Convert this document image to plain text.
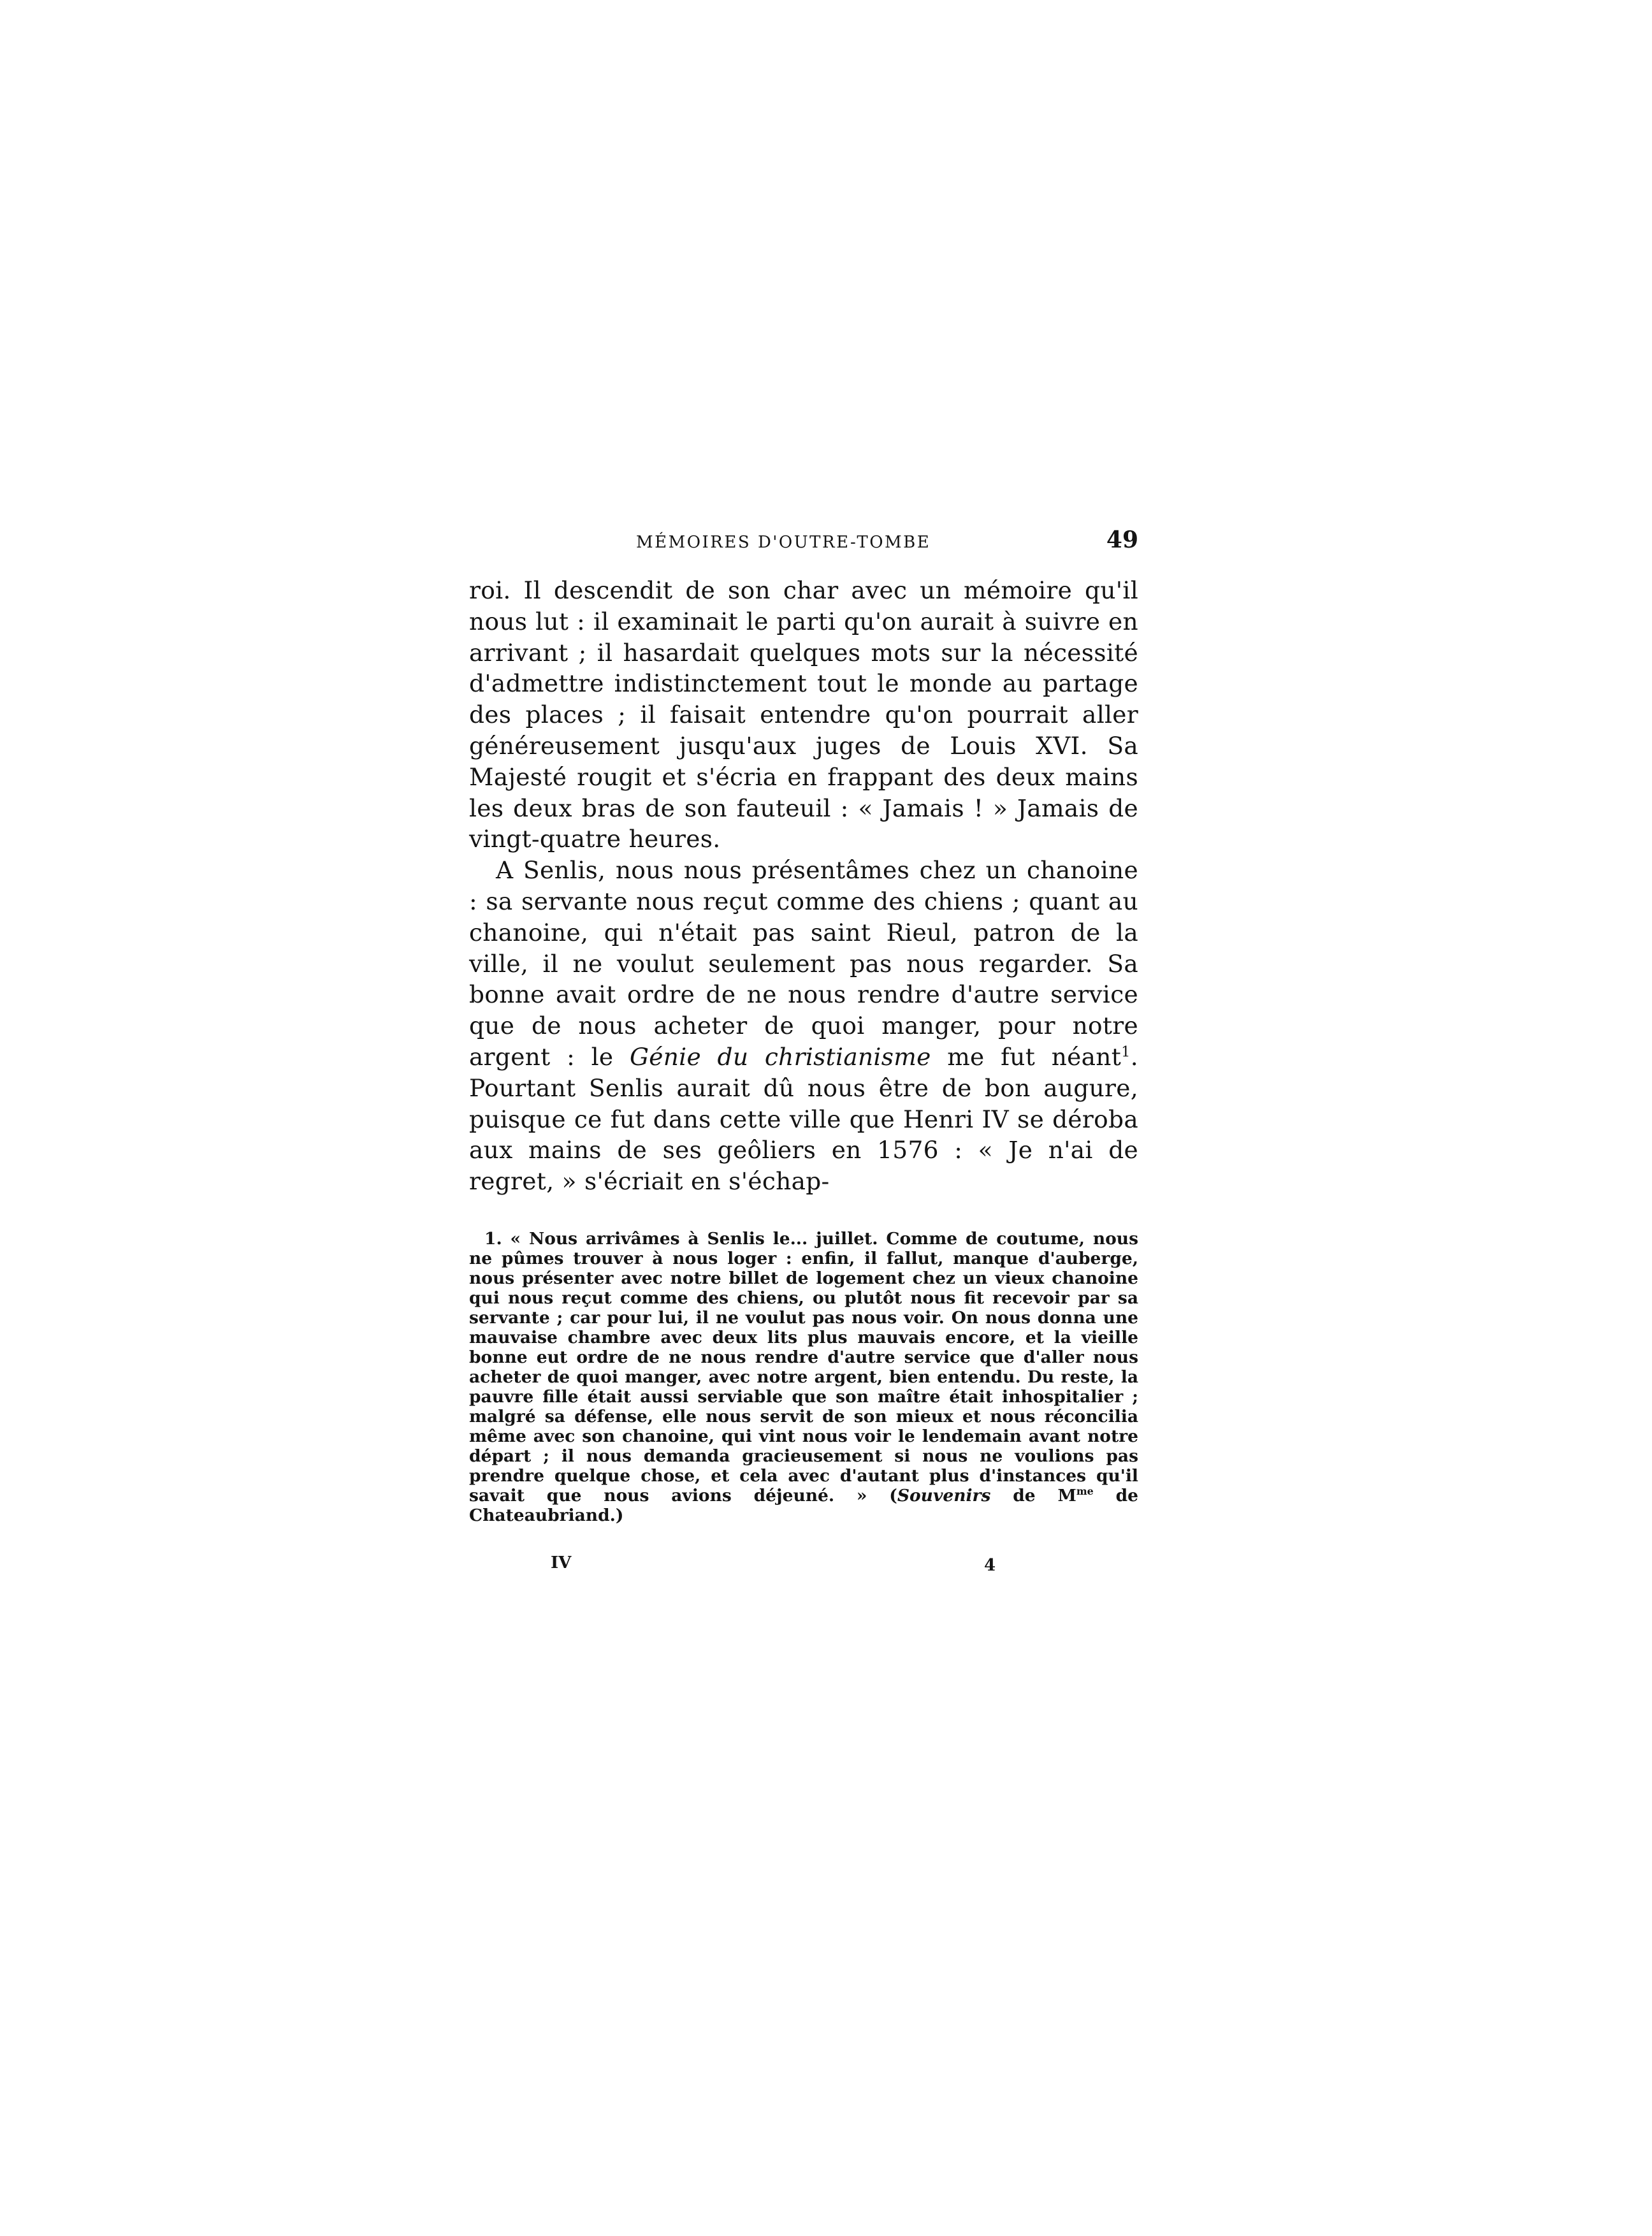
MÉMOIRES D'OUTRE-TOMBE	49

roi. Il descendit de son char avec un mémoire qu'il nous lut : il examinait le parti qu'on aurait à suivre en arrivant ; il hasardait quelques mots sur la nécessité d'admettre indistinctement tout le monde au partage des places ; il faisait entendre qu'on pourrait aller généreusement jusqu'aux juges de Louis XVI. Sa Majesté rougit et s'écria en frappant des deux mains les deux bras de son fauteuil : « Jamais ! » Jamais de vingt-quatre heures.

A Senlis, nous nous présentâmes chez un chanoine : sa servante nous reçut comme des chiens ; quant au chanoine, qui n'était pas saint Rieul, patron de la ville, il ne voulut seulement pas nous regarder. Sa bonne avait ordre de ne nous rendre d'autre service que de nous acheter de quoi manger, pour notre argent : le Génie du christianisme me fut néant$^1$. Pourtant Senlis aurait dû nous être de bon augure, puisque ce fut dans cette ville que Henri IV se déroba aux mains de ses geôliers en 1576 : « Je n'ai de regret, » s'écriait en s'échap-

1. « Nous arrivâmes à Senlis le... juillet. Comme de coutume, nous ne pûmes trouver à nous loger : enfin, il fallut, manque d'auberge, nous présenter avec notre billet de logement chez un vieux chanoine qui nous reçut comme des chiens, ou plutôt nous fit recevoir par sa servante ; car pour lui, il ne voulut pas nous voir. On nous donna une mauvaise chambre avec deux lits plus mauvais encore, et la vieille bonne eut ordre de ne nous rendre d'autre service que d'aller nous acheter de quoi manger, avec notre argent, bien entendu. Du reste, la pauvre fille était aussi serviable que son maître était inhospitalier ; malgré sa défense, elle nous servit de son mieux et nous réconcilia même avec son chanoine, qui vint nous voir le lendemain avant notre départ ; il nous demanda gracieusement si nous ne voulions pas prendre quelque chose, et cela avec d'autant plus d'instances qu'il savait que nous avions déjeuné. » (Souvenirs de $M^{me}$ de Chateaubriand.)

IV	4
